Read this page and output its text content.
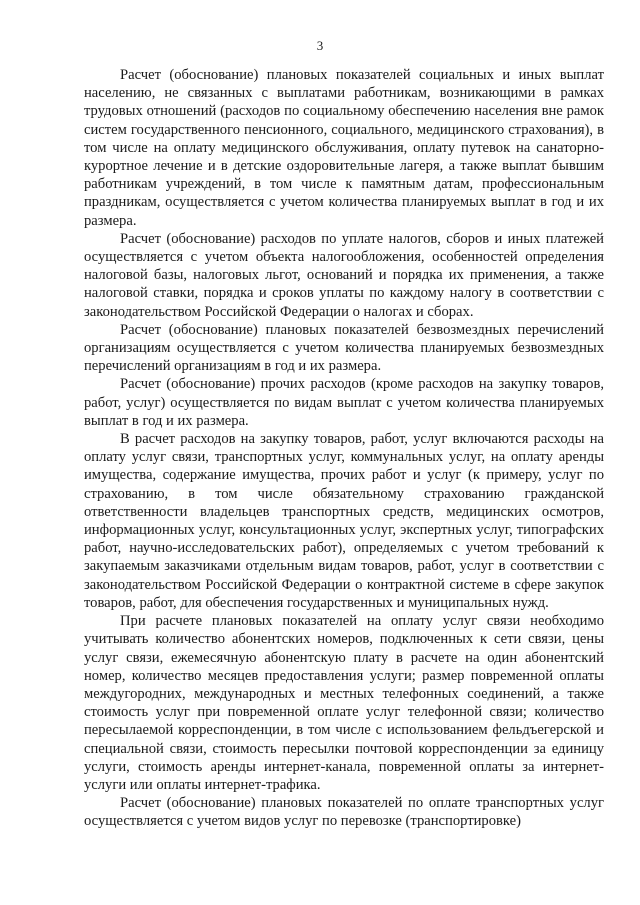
3

Расчет (обоснование) плановых показателей социальных и иных выплат населению, не связанных с выплатами работникам, возникающими в рамках трудовых отношений (расходов по социальному обеспечению населения вне рамок систем государственного пенсионного, социального, медицинского страхования), в том числе на оплату медицинского обслуживания, оплату путевок на санаторно-курортное лечение и в детские оздоровительные лагеря, а также выплат бывшим работникам учреждений, в том числе к памятным датам, профессиональным праздникам, осуществляется с учетом количества планируемых выплат в год и их размера.

Расчет (обоснование) расходов по уплате налогов, сборов и иных платежей осуществляется с учетом объекта налогообложения, особенностей определения налоговой базы, налоговых льгот, оснований и порядка их применения, а также налоговой ставки, порядка и сроков уплаты по каждому налогу в соответствии с законодательством Российской Федерации о налогах и сборах.

Расчет (обоснование) плановых показателей безвозмездных перечислений организациям осуществляется с учетом количества планируемых безвозмездных перечислений организациям в год и их размера.

Расчет (обоснование) прочих расходов (кроме расходов на закупку товаров, работ, услуг) осуществляется по видам выплат с учетом количества планируемых выплат в год и их размера.

В расчет расходов на закупку товаров, работ, услуг включаются расходы на оплату услуг связи, транспортных услуг, коммунальных услуг, на оплату аренды имущества, содержание имущества, прочих работ и услуг (к примеру, услуг по страхованию, в том числе обязательному страхованию гражданской ответственности владельцев транспортных средств, медицинских осмотров, информационных услуг, консультационных услуг, экспертных услуг, типографских работ, научно-исследовательских работ), определяемых с учетом требований к закупаемым заказчиками отдельным видам товаров, работ, услуг в соответствии с законодательством Российской Федерации о контрактной системе в сфере закупок товаров, работ, для обеспечения государственных и муниципальных нужд.

При расчете плановых показателей на оплату услуг связи необходимо учитывать количество абонентских номеров, подключенных к сети связи, цены услуг связи, ежемесячную абонентскую плату в расчете на один абонентский номер, количество месяцев предоставления услуги; размер повременной оплаты междугородних, международных и местных телефонных соединений, а также стоимость услуг при повременной оплате услуг телефонной связи; количество пересылаемой корреспонденции, в том числе с использованием фельдъегерской и специальной связи, стоимость пересылки почтовой корреспонденции за единицу услуги, стоимость аренды интернет-канала, повременной оплаты за интернет-услуги или оплаты интернет-трафика.

Расчет (обоснование) плановых показателей по оплате транспортных услуг осуществляется с учетом видов услуг по перевозке (транспортировке)
